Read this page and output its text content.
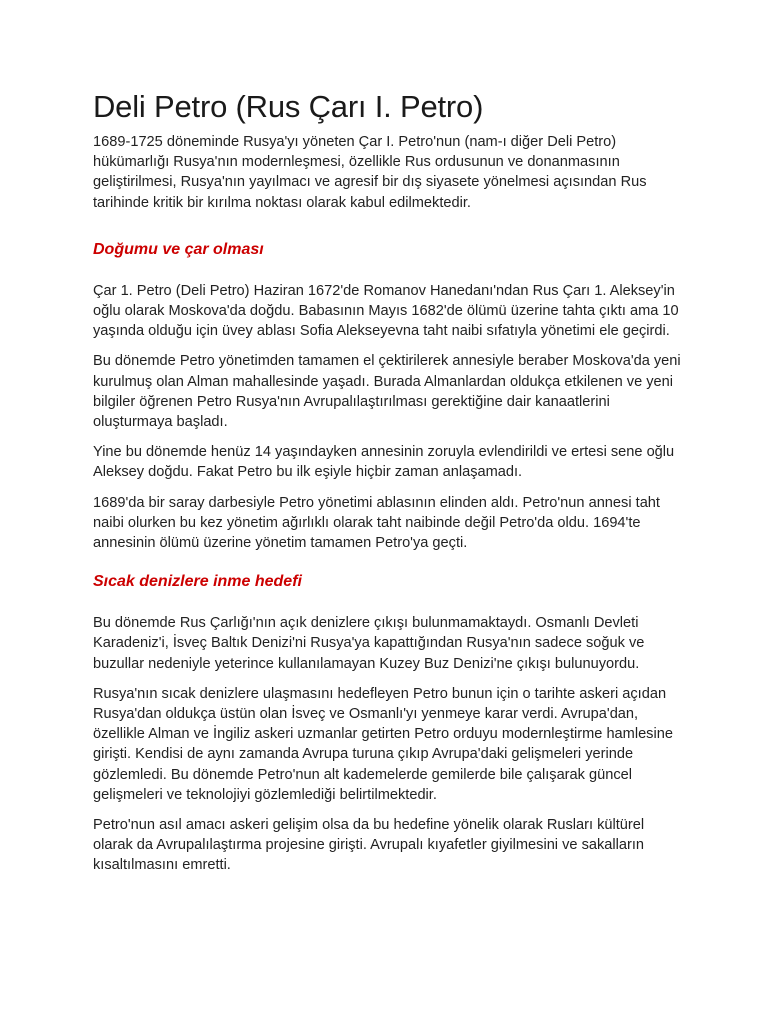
Deli Petro (Rus Çarı I. Petro)

1689-1725 döneminde Rusya'yı yöneten Çar I. Petro'nun (nam-ı diğer Deli Petro) hükümarlığı Rusya'nın modernleşmesi, özellikle Rus ordusunun ve donanmasının geliştirilmesi, Rusya'nın yayılmacı ve agresif bir dış siyasete yönelmesi açısından Rus tarihinde kritik bir kırılma noktası olarak kabul edilmektedir.

Doğumu ve çar olması

Çar 1. Petro (Deli Petro) Haziran 1672'de Romanov Hanedanı'ndan Rus Çarı 1. Aleksey'in oğlu olarak Moskova'da doğdu. Babasının Mayıs 1682'de ölümü üzerine tahta çıktı ama 10 yaşında olduğu için üvey ablası Sofia Alekseyevna taht naibi sıfatıyla yönetimi ele geçirdi.

Bu dönemde Petro yönetimden tamamen el çektirilerek annesiyle beraber Moskova'da yeni kurulmuş olan Alman mahallesinde yaşadı. Burada Almanlardan oldukça etkilenen ve yeni bilgiler öğrenen Petro Rusya'nın Avrupalılaştırılması gerektiğine dair kanaatlerini oluşturmaya başladı.

Yine bu dönemde henüz 14 yaşındayken annesinin zoruyla evlendirildi ve ertesi sene oğlu Aleksey doğdu. Fakat Petro bu ilk eşiyle hiçbir zaman anlaşamadı.

1689'da bir saray darbesiyle Petro yönetimi ablasının elinden aldı. Petro'nun annesi taht naibi olurken bu kez yönetim ağırlıklı olarak taht naibinde değil Petro'da oldu. 1694'te annesinin ölümü üzerine yönetim tamamen Petro'ya geçti.

Sıcak denizlere inme hedefi

Bu dönemde Rus Çarlığı'nın açık denizlere çıkışı bulunmamaktaydı. Osmanlı Devleti Karadeniz'i, İsveç Baltık Denizi'ni Rusya'ya kapattığından Rusya'nın sadece soğuk ve buzullar nedeniyle yeterince kullanılamayan Kuzey Buz Denizi'ne çıkışı bulunuyordu.

Rusya'nın sıcak denizlere ulaşmasını hedefleyen Petro bunun için o tarihte askeri açıdan Rusya'dan oldukça üstün olan İsveç ve Osmanlı'yı yenmeye karar verdi. Avrupa'dan, özellikle Alman ve İngiliz askeri uzmanlar getirten Petro orduyu modernleştirme hamlesine girişti. Kendisi de aynı zamanda Avrupa turuna çıkıp Avrupa'daki gelişmeleri yerinde gözlemledi. Bu dönemde Petro'nun alt kademelerde gemilerde bile çalışarak güncel gelişmeleri ve teknolojiyi gözlemlediği belirtilmektedir.

Petro'nun asıl amacı askeri gelişim olsa da bu hedefine yönelik olarak Rusları kültürel olarak da Avrupalılaştırma projesine girişti. Avrupalı kıyafetler giyilmesini ve sakalların kısaltılmasını emretti.
